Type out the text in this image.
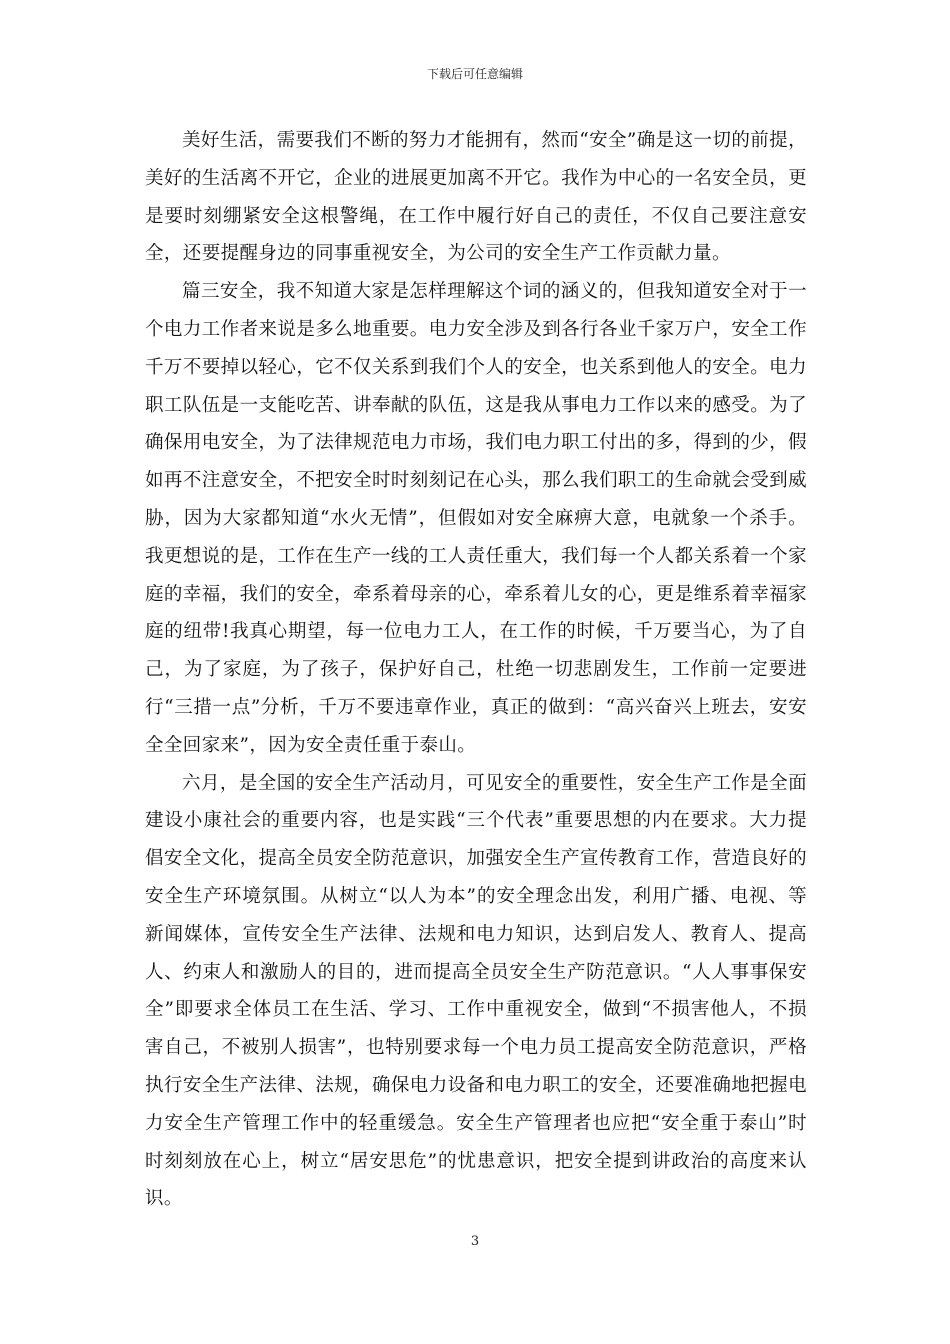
下载后可任意编辑

美好生活，需要我们不断的努力才能拥有，然而“安全”确是这一切的前提，美好的生活离不开它，企业的进展更加离不开它。我作为中心的一名安全员，更是要时刻绷紧安全这根警绳，在工作中履行好自己的责任，不仅自己要注意安全，还要提醒身边的同事重视安全，为公司的安全生产工作贡献力量。

篇三安全，我不知道大家是怎样理解这个词的涵义的，但我知道安全对于一个电力工作者来说是多么地重要。电力安全涉及到各行各业千家万户，安全工作千万不要掉以轻心，它不仅关系到我们个人的安全，也关系到他人的安全。电力职工队伍是一支能吃苦、讲奉献的队伍，这是我从事电力工作以来的感受。为了确保用电安全，为了法律规范电力市场，我们电力职工付出的多，得到的少，假如再不注意安全，不把安全时时刻刻记在心头，那么我们职工的生命就会受到威胁，因为大家都知道“水火无情”，但假如对安全麻痹大意，电就象一个杀手。我更想说的是，工作在生产一线的工人责任重大，我们每一个人都关系着一个家庭的幸福，我们的安全，牵系着母亲的心，牵系着儿女的心，更是维系着幸福家庭的纽带!我真心期望，每一位电力工人，在工作的时候，千万要当心，为了自己，为了家庭，为了孩子，保护好自己，杜绝一切悲剧发生，工作前一定要进行“三措一点”分析，千万不要违章作业，真正的做到：“高兴奋兴上班去，安安全全回家来”，因为安全责任重于泰山。

六月，是全国的安全生产活动月，可见安全的重要性，安全生产工作是全面建设小康社会的重要内容，也是实践“三个代表”重要思想的内在要求。大力提倡安全文化，提高全员安全防范意识，加强安全生产宣传教育工作，营造良好的安全生产环境氛围。从树立“以人为本”的安全理念出发，利用广播、电视、等新闻媒体，宣传安全生产法律、法规和电力知识，达到启发人、教育人、提高人、约束人和激励人的目的，进而提高全员安全生产防范意识。“人人事事保安全”即要求全体员工在生活、学习、工作中重视安全，做到“不损害他人，不损害自己，不被别人损害”，也特别要求每一个电力员工提高安全防范意识，严格执行安全生产法律、法规，确保电力设备和电力职工的安全，还要准确地把握电力安全生产管理工作中的轻重缓急。安全生产管理者也应把“安全重于泰山”时时刻刻放在心上，树立“居安思危”的忧患意识，把安全提到讲政治的高度来认识。

3
